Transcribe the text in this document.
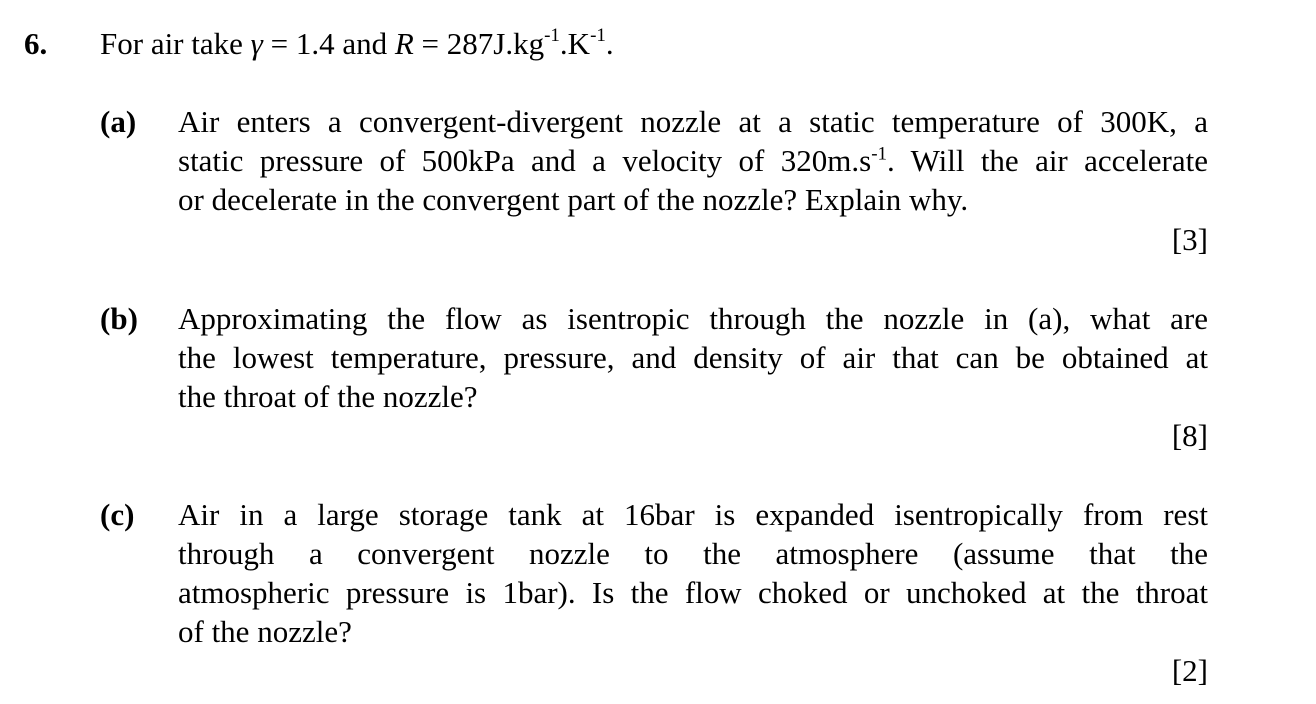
6. For air take γ = 1.4 and $R = 287J.kg^{-1}.K^{-1}$.
(a) Air enters a convergent-divergent nozzle at a static temperature of 300K, a
static pressure of 500kPa and a velocity of $320m.s^{-1}$. Will the air accelerate
or decelerate in the convergent part of the nozzle? Explain why.
[3]
(b) Approximating the flow as isentropic through the nozzle in (a), what are
the lowest temperature, pressure, and density of air that can be obtained at
the throat of the nozzle?
[8]
(c) Air in a large storage tank at 16bar is expanded isentropically from rest
through a convergent nozzle to the atmosphere (assume that the
atmospheric pressure is 1bar). Is the flow choked or unchoked at the throat
of the nozzle?
[2]
